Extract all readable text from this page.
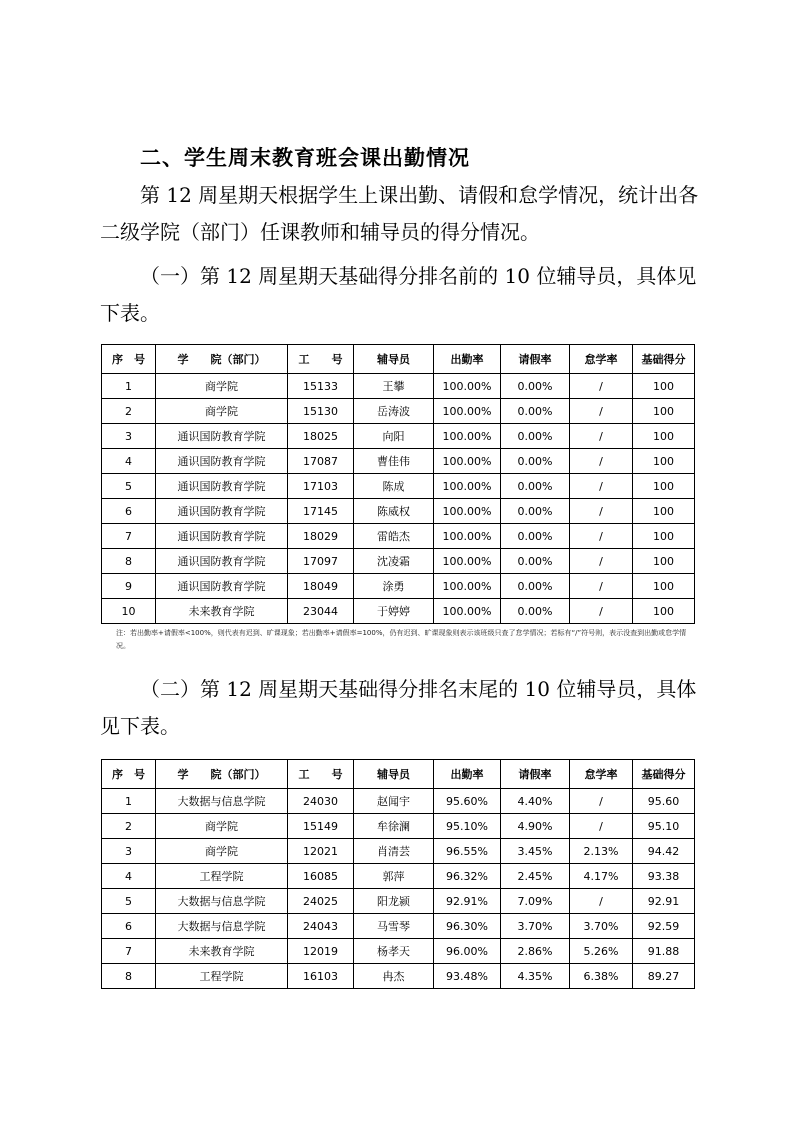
二、学生周末教育班会课出勤情况

第 12 周星期天根据学生上课出勤、请假和怠学情况，统计出各二级学院（部门）任课教师和辅导员的得分情况。

（一）第 12 周星期天基础得分排名前的 10 位辅导员，具体见下表。

序　号	学　　院（部门）	工　　号	辅导员	出勤率	请假率	怠学率	基础得分
1	商学院	15133	王攀	100.00%	0.00%	/	100
2	商学院	15130	岳涛波	100.00%	0.00%	/	100
3	通识国防教育学院	18025	向阳	100.00%	0.00%	/	100
4	通识国防教育学院	17087	曹佳伟	100.00%	0.00%	/	100
5	通识国防教育学院	17103	陈成	100.00%	0.00%	/	100
6	通识国防教育学院	17145	陈威权	100.00%	0.00%	/	100
7	通识国防教育学院	18029	雷皓杰	100.00%	0.00%	/	100
8	通识国防教育学院	17097	沈凌霜	100.00%	0.00%	/	100
9	通识国防教育学院	18049	涂勇	100.00%	0.00%	/	100
10	未来教育学院	23044	于婷婷	100.00%	0.00%	/	100

注：若出勤率+请假率<100%，则代表有迟到、旷课现象；若出勤率+请假率=100%，仍有迟到、旷课现象则表示该班级只查了怠学情况；若标有“/”符号则，表示没查到出勤或怠学情况。

（二）第 12 周星期天基础得分排名末尾的 10 位辅导员，具体见下表。

序　号	学　　院（部门）	工　　号	辅导员	出勤率	请假率	怠学率	基础得分
1	大数据与信息学院	24030	赵闻宇	95.60%	4.40%	/	95.60
2	商学院	15149	牟徐澜	95.10%	4.90%	/	95.10
3	商学院	12021	肖清芸	96.55%	3.45%	2.13%	94.42
4	工程学院	16085	郭萍	96.32%	2.45%	4.17%	93.38
5	大数据与信息学院	24025	阳龙颍	92.91%	7.09%	/	92.91
6	大数据与信息学院	24043	马雪琴	96.30%	3.70%	3.70%	92.59
7	未来教育学院	12019	杨孝天	96.00%	2.86%	5.26%	91.88
8	工程学院	16103	冉杰	93.48%	4.35%	6.38%	89.27
